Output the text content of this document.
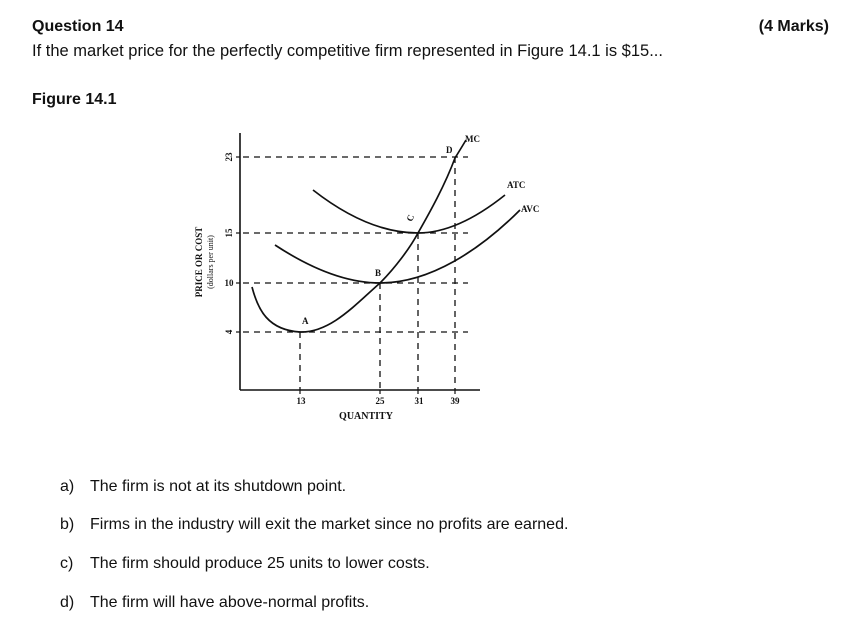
Question 14	(4 Marks)
If the market price for the perfectly competitive firm represented in Figure 14.1 is $15...
Figure 14.1
23
15
10
4
13	25	31	39
QUANTITY
PRICE OR COST (dollars per unit)
MC
ATC
AVC
A
B
C
D
a) The firm is not at its shutdown point.
b) Firms in the industry will exit the market since no profits are earned.
c) The firm should produce 25 units to lower costs.
d) The firm will have above-normal profits.
